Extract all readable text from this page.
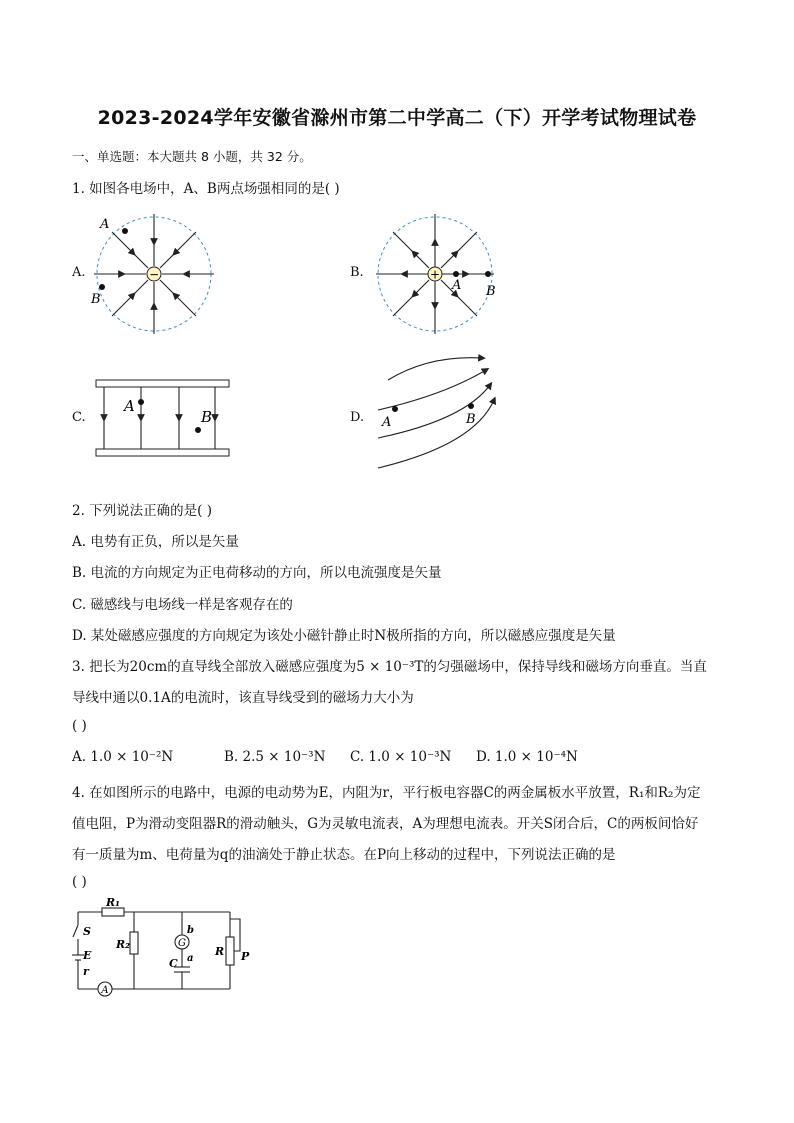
2023-2024学年安徽省滁州市第二中学高二（下）开学考试物理试卷
一、单选题：本大题共 8 小题，共 32 分。
1. 如图各电场中，A、B两点场强相同的是( )
A.	B.
C.	D.
−
A
B
+
A B
A
B	A	B
2. 下列说法正确的是( )
A. 电势有正负，所以是矢量
B. 电流的方向规定为正电荷移动的方向，所以电流强度是矢量
C. 磁感线与电场线一样是客观存在的
D. 某处磁感应强度的方向规定为该处小磁针静止时N极所指的方向，所以磁感应强度是矢量
3. 把长为20cm的直导线全部放入磁感应强度为5 × 10⁻³T的匀强磁场中，保持导线和磁场方向垂直。当直
导线中通以0.1A的电流时，该直导线受到的磁场力大小为
( )
A. 1.0 × 10⁻²N	B. 2.5 × 10⁻³N C. 1.0 × 10⁻³N D. 1.0 × 10⁻⁴N
4. 在如图所示的电路中，电源的电动势为E，内阻为r，平行板电容器C的两金属板水平放置，R₁和R₂为定
值电阻，P为滑动变阻器R的滑动触头，G为灵敏电流表，A为理想电流表。开关S闭合后，C的两板间恰好
有一质量为m、电荷量为q的油滴处于静止状态。在P向上移动的过程中，下列说法正确的是
( )
G
A
R₁
R₂
S
E
r
b
a
C
R P
